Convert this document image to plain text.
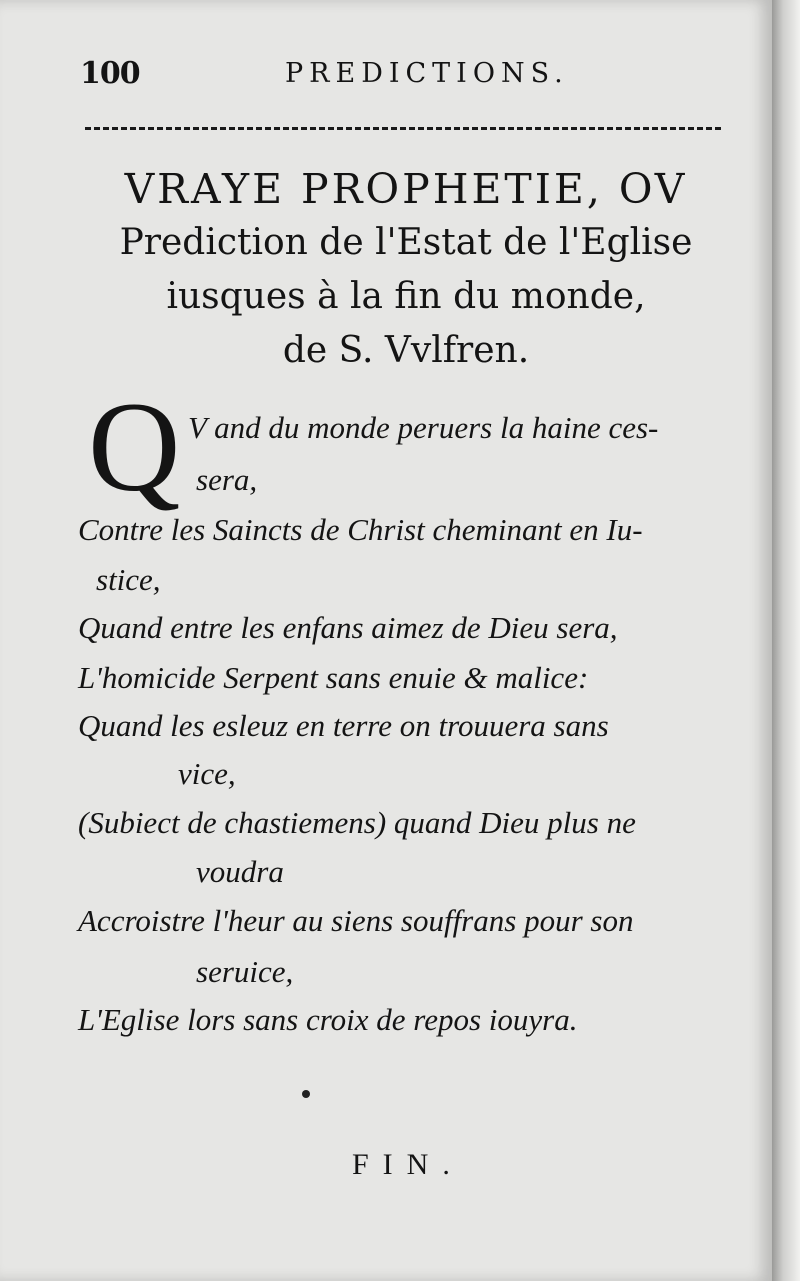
100	PREDICTIONS.
VRAYE PROPHETIE, OV
Prediction de l'Estat de l'Eglise
iusques à la fin du monde,
de S. Vvlfren.
Q V and du monde peruers la haine ces-
sera,
Contre les Saincts de Christ cheminant en Iu-
stice,
Quand entre les enfans aimez de Dieu sera,
L'homicide Serpent sans enuie & malice:
Quand les esleuz en terre on trouuera sans
vice,
(Subiect de chastiemens) quand Dieu plus ne
voudra
Accroistre l'heur au siens souffrans pour son
seruice,
L'Eglise lors sans croix de repos iouyra.
FIN.
